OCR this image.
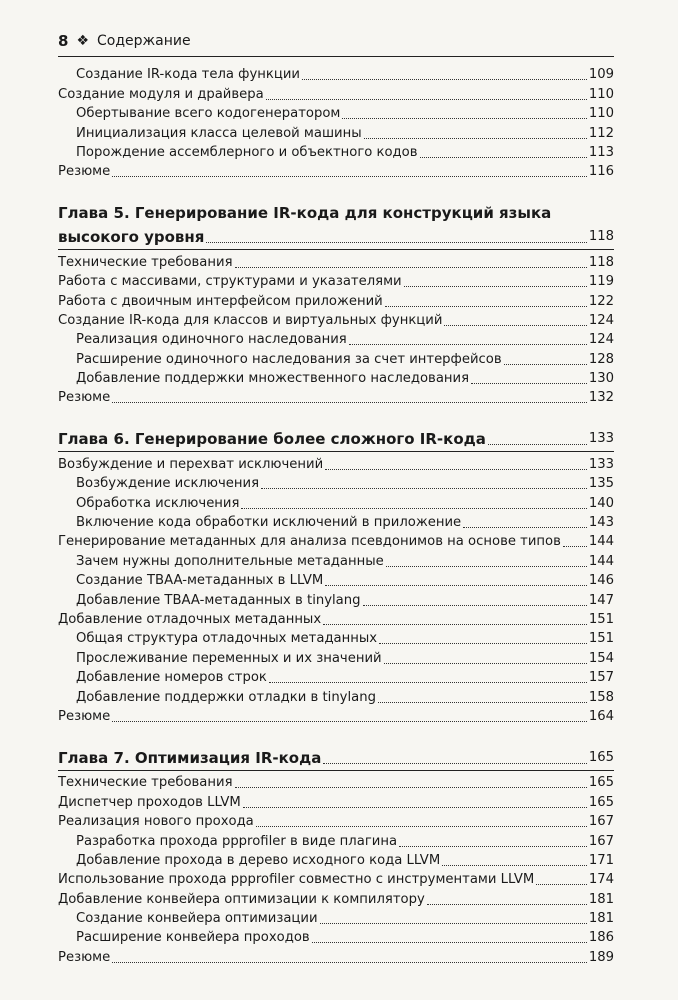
8 ❖ Содержание
Создание IR-кода тела функции	109
Создание модуля и драйвера	110
Обертывание всего кодогенератором	110
Инициализация класса целевой машины	112
Порождение ассемблерного и объектного кодов	113
Резюме	116
Глава 5. Генерирование IR-кода для конструкций языка
высокого уровня	118
Технические требования	118
Работа с массивами, структурами и указателями	119
Работа с двоичным интерфейсом приложений	122
Создание IR-кода для классов и виртуальных функций	124
Реализация одиночного наследования	124
Расширение одиночного наследования за счет интерфейсов	128
Добавление поддержки множественного наследования	130
Резюме	132
Глава 6. Генерирование более сложного IR-кода	133
Возбуждение и перехват исключений	133
Возбуждение исключения	135
Обработка исключения	140
Включение кода обработки исключений в приложение	143
Генерирование метаданных для анализа псевдонимов на основе типов 144
Зачем нужны дополнительные метаданные	144
Создание TBAA-метаданных в LLVM	146
Добавление TBAA-метаданных в tinylang	147
Добавление отладочных метаданных	151
Общая структура отладочных метаданных	151
Прослеживание переменных и их значений	154
Добавление номеров строк	157
Добавление поддержки отладки в tinylang	158
Резюме	164
Глава 7. Оптимизация IR-кода	165
Технические требования	165
Диспетчер проходов LLVM	165
Реализация нового прохода	167
Разработка прохода ppprofiler в виде плагина	167
Добавление прохода в дерево исходного кода LLVM	171
Использование прохода ppprofiler совместно с инструментами LLVM	174
Добавление конвейера оптимизации к компилятору	181
Создание конвейера оптимизации	181
Расширение конвейера проходов	186
Резюме	189
